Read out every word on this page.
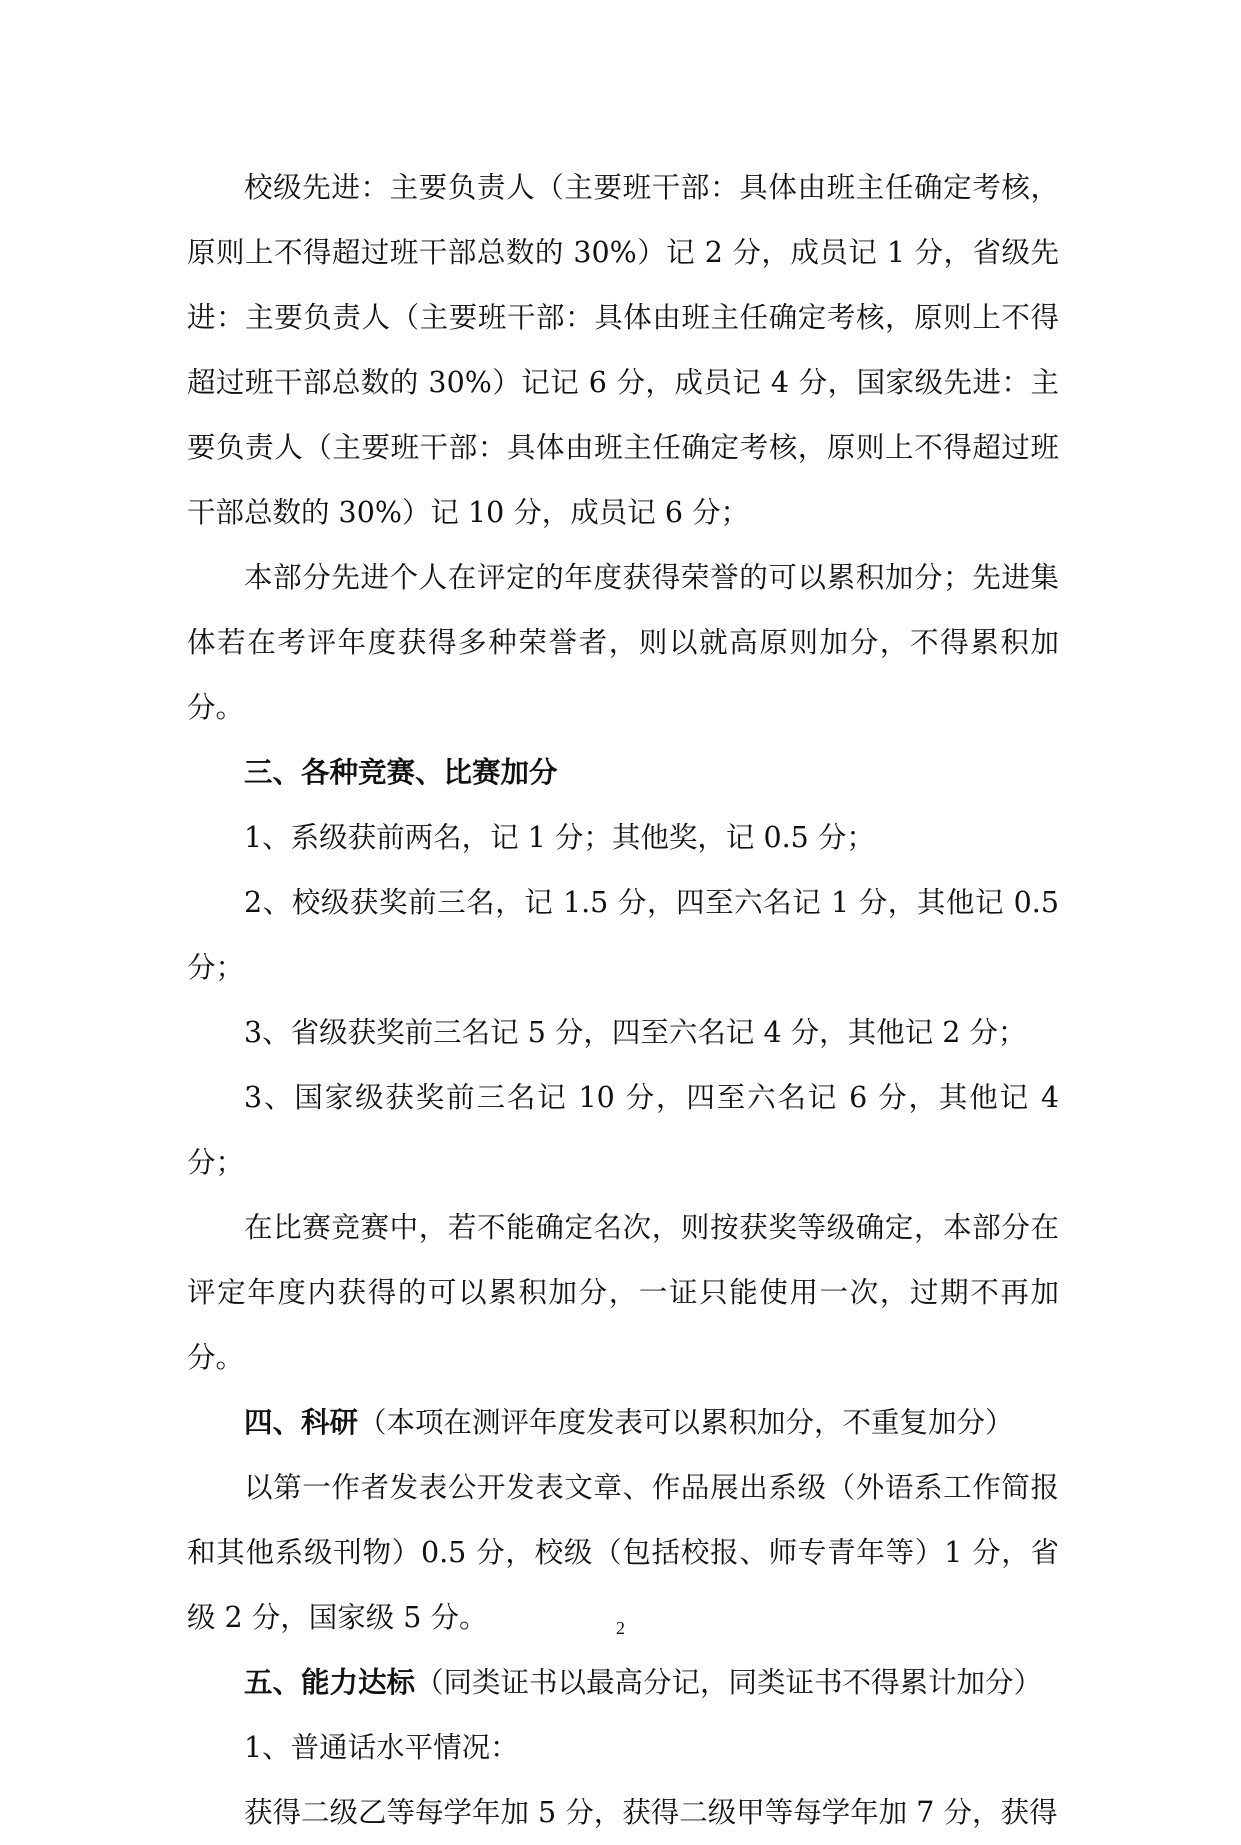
校级先进：主要负责人（主要班干部：具体由班主任确定考核，原则上不得超过班干部总数的 30%）记 2 分，成员记 1 分，省级先进：主要负责人（主要班干部：具体由班主任确定考核，原则上不得超过班干部总数的 30%）记记 6 分，成员记 4 分，国家级先进：主要负责人（主要班干部：具体由班主任确定考核，原则上不得超过班干部总数的 30%）记 10 分，成员记 6 分；

本部分先进个人在评定的年度获得荣誉的可以累积加分；先进集体若在考评年度获得多种荣誉者，则以就高原则加分，不得累积加分。

三、各种竞赛、比赛加分

1、系级获前两名，记 1 分；其他奖，记 0.5 分；

2、校级获奖前三名，记 1.5 分，四至六名记 1 分，其他记 0.5 分；

3、省级获奖前三名记 5 分，四至六名记 4 分，其他记 2 分；

3、国家级获奖前三名记 10 分，四至六名记 6 分，其他记 4 分；

在比赛竞赛中，若不能确定名次，则按获奖等级确定，本部分在评定年度内获得的可以累积加分，一证只能使用一次，过期不再加分。

四、科研（本项在测评年度发表可以累积加分，不重复加分）

以第一作者发表公开发表文章、作品展出系级（外语系工作简报和其他系级刊物）0.5 分，校级（包括校报、师专青年等）1 分，省级 2 分，国家级 5 分。

五、能力达标（同类证书以最高分记，同类证书不得累计加分）

1、普通话水平情况：

获得二级乙等每学年加 5 分，获得二级甲等每学年加 7 分，获得

2
